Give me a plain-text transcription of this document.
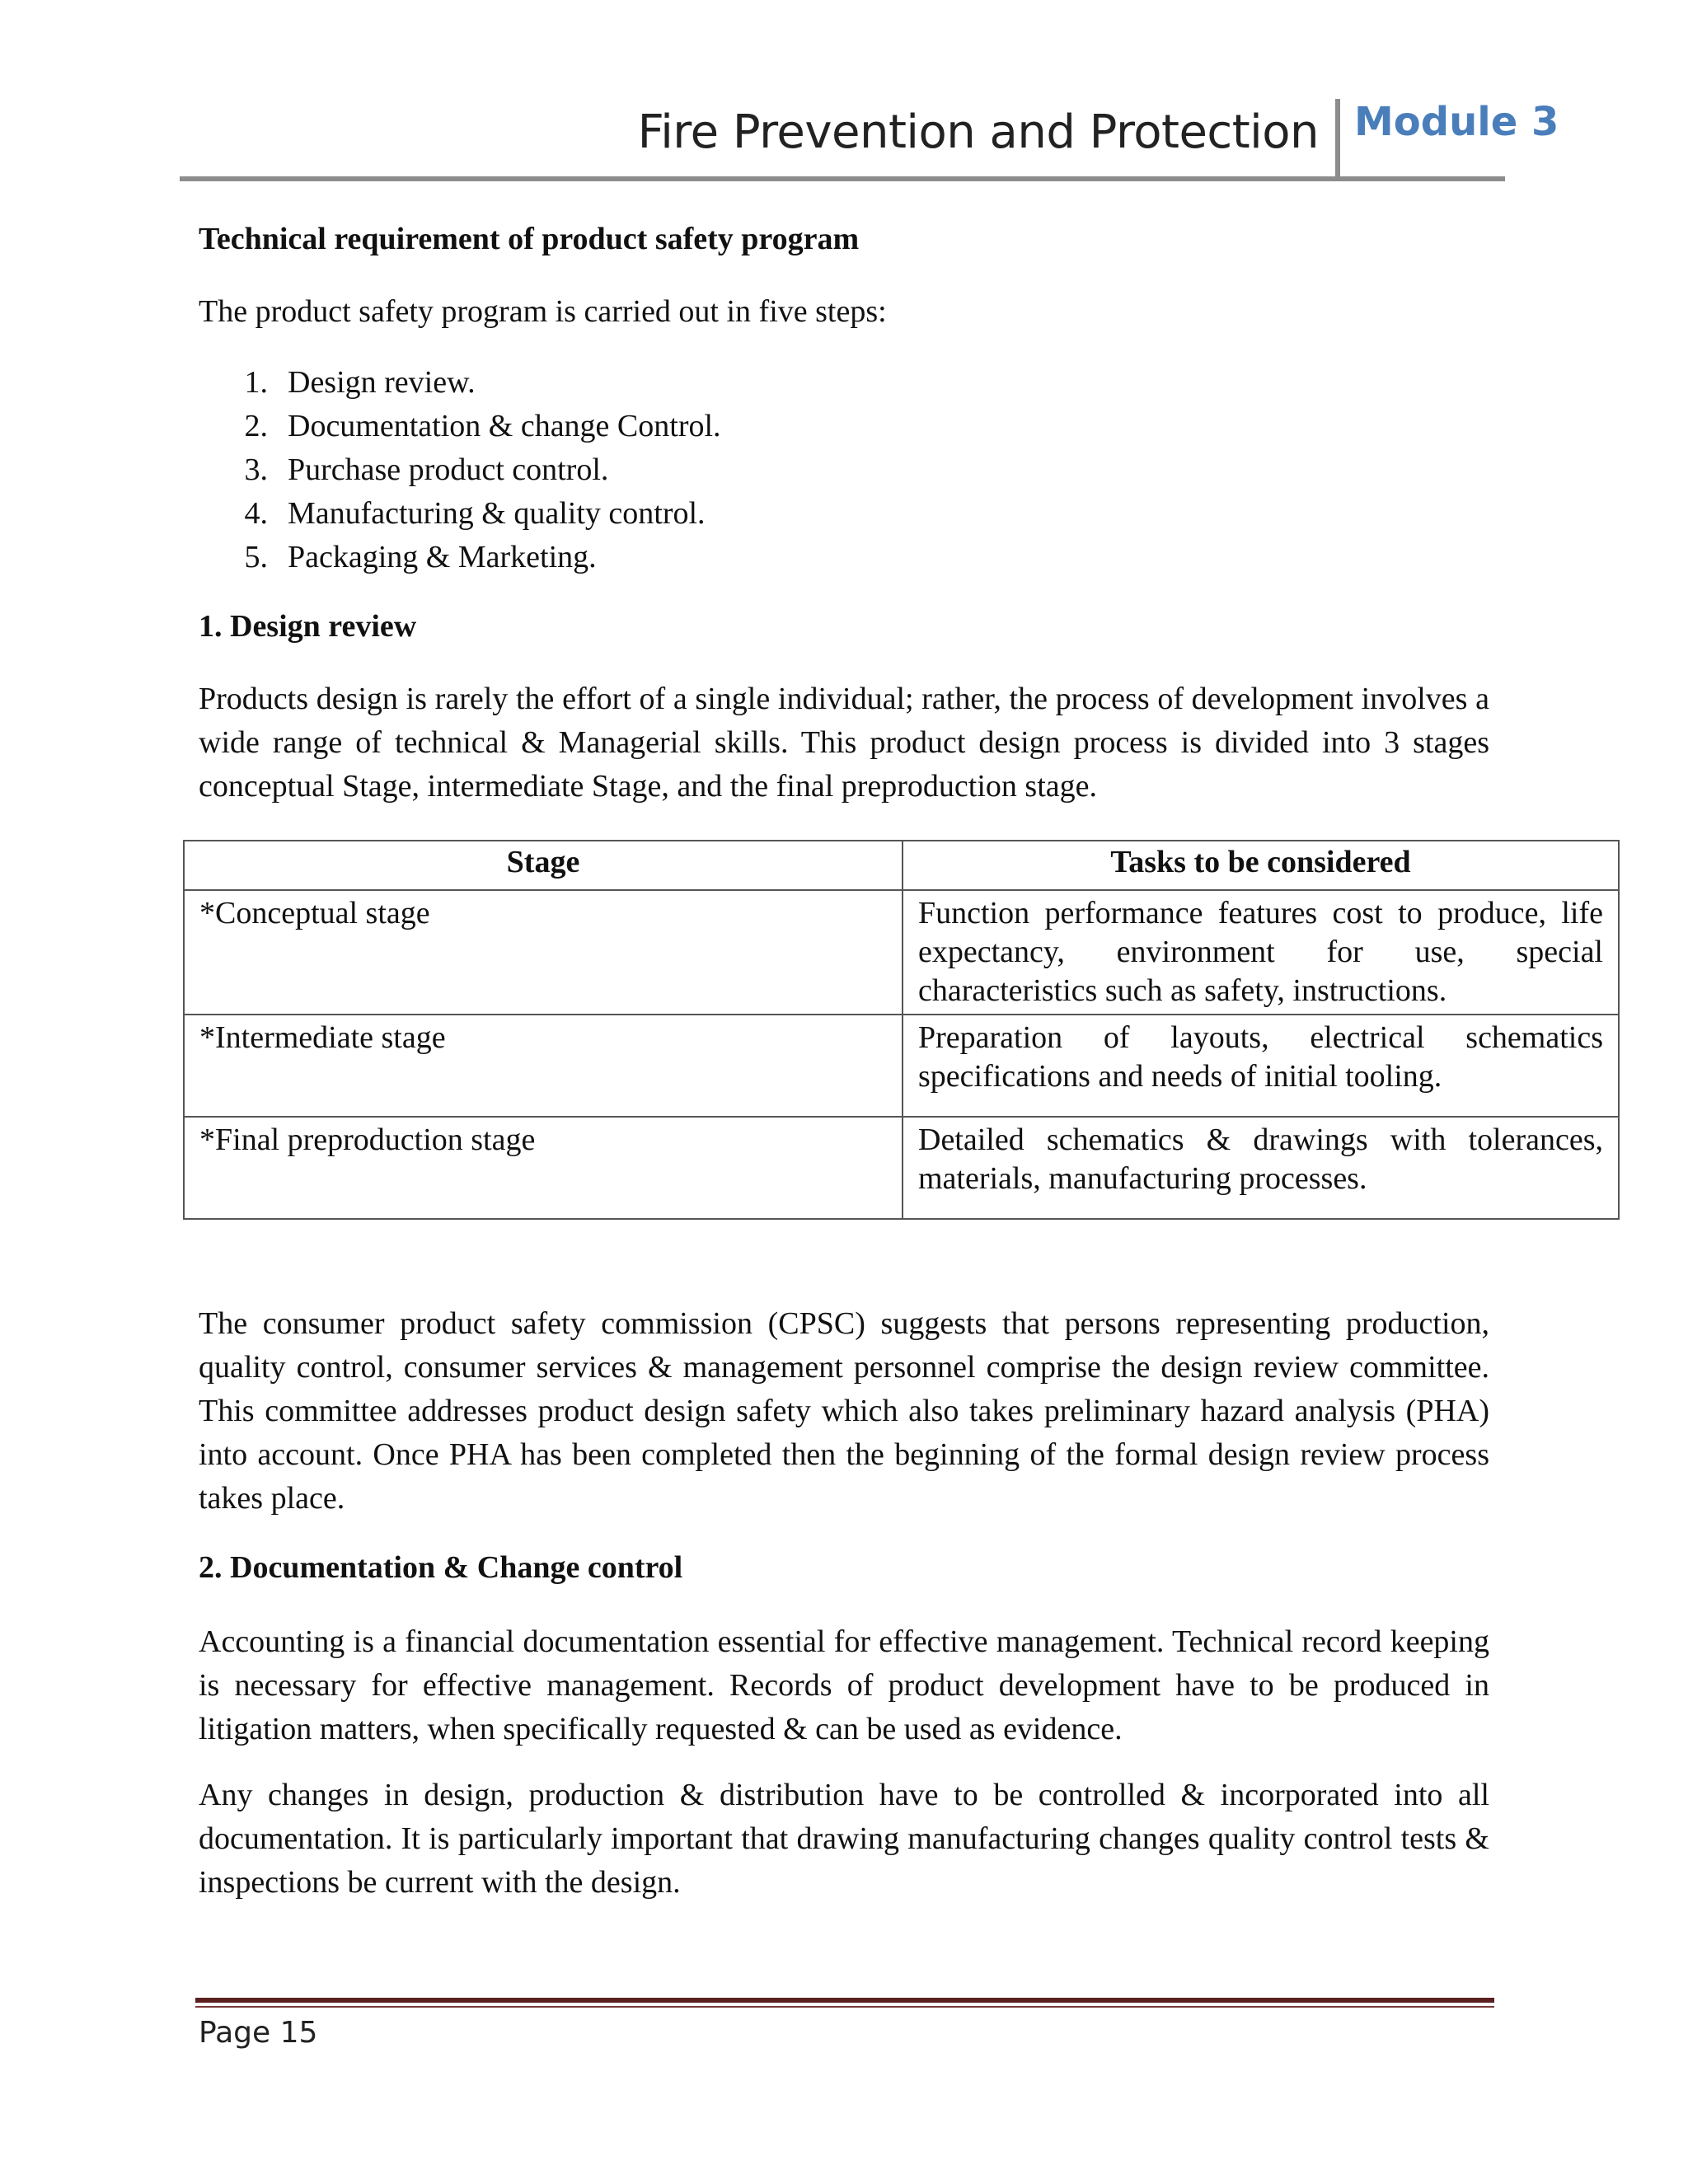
Fire Prevention and Protection Module 3
Technical requirement of product safety program
The product safety program is carried out in five steps:
1. Design review.
2. Documentation & change Control.
3. Purchase product control.
4. Manufacturing & quality control.
5. Packaging & Marketing.
1. Design review
Products design is rarely the effort of a single individual; rather, the process of development involves a wide range of technical & Managerial skills. This product design process is divided into 3 stages conceptual Stage, intermediate Stage, and the final preproduction stage.
The consumer product safety commission (CPSC) suggests that persons representing production, quality control, consumer services & management personnel comprise the design review committee. This committee addresses product design safety which also takes preliminary hazard analysis (PHA) into account. Once PHA has been completed then the beginning of the formal design review process takes place.
2. Documentation & Change control
Accounting is a financial documentation essential for effective management. Technical record keeping is necessary for effective management. Records of product development have to be produced in litigation matters, when specifically requested & can be used as evidence.
Any changes in design, production & distribution have to be controlled & incorporated into all documentation. It is particularly important that drawing manufacturing changes quality control tests & inspections be current with the design.
Stage	Tasks to be considered
*Conceptual stage	Function performance features cost to produce, life expectancy, environment for use, special characteristics such as safety, instructions.
*Intermediate stage	Preparation of layouts, electrical schematics specifications and needs of initial tooling.
*Final preproduction stage	Detailed schematics & drawings with tolerances, materials, manufacturing processes.
Page 15
